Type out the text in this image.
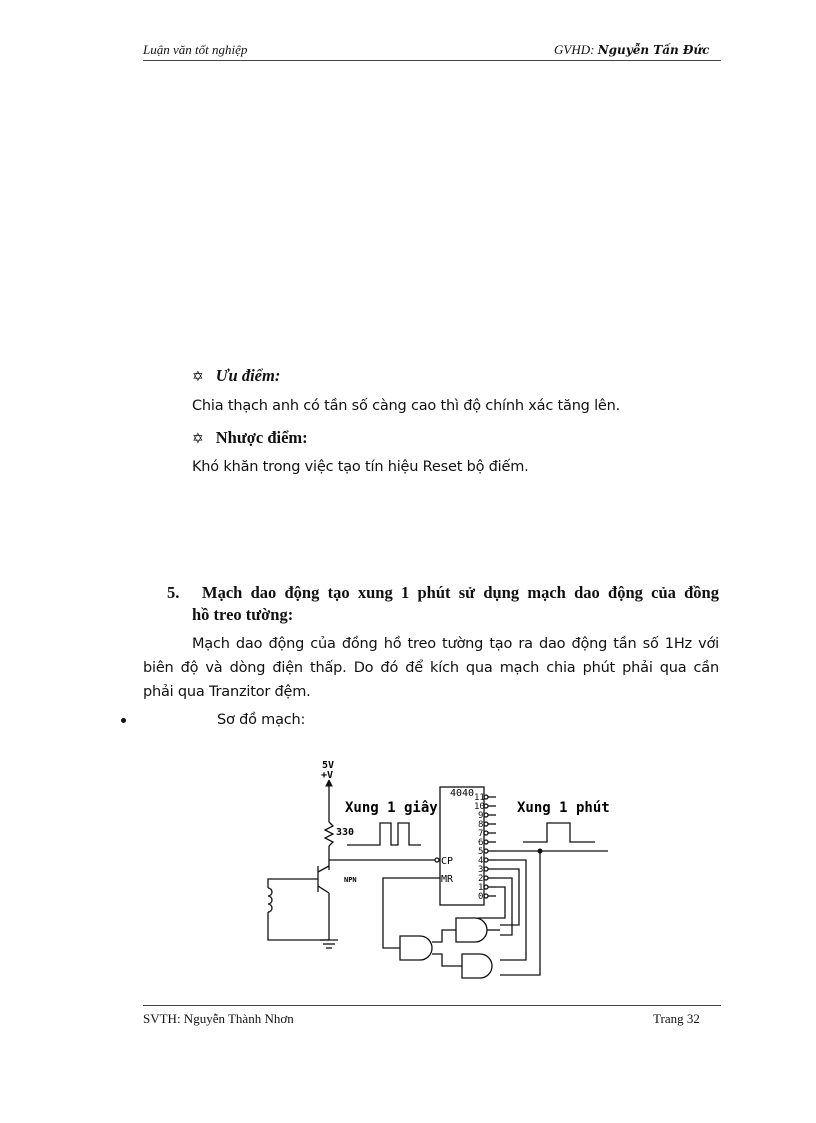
Luận văn tốt nghiệp	GVHD: Nguyễn Tấn Đức
✡ Ưu điểm:
Chia thạch anh có tần số càng cao thì độ chính xác tăng lên.
✡ Nhược điểm:
Khó khăn trong việc tạo tín hiệu Reset bộ điếm.
5. Mạch dao động tạo xung 1 phút sử dụng mạch dao động của đồng
hồ treo tường:
Mạch dao động của đồng hồ treo tường tạo ra dao động tần số 1Hz với
biên độ và dòng điện thấp. Do đó để kích qua mạch chia phút phải qua cần
phải qua Tranzitor đệm.
Sơ đồ mạch:
5V
+V
330
NPN
4040
Xung 1 giây	Xung 1 phút
CP
MR
11
10
9
8
7
6
5
4
3
2
1
0
SVTH: Nguyễn Thành Nhơn	Trang 32
